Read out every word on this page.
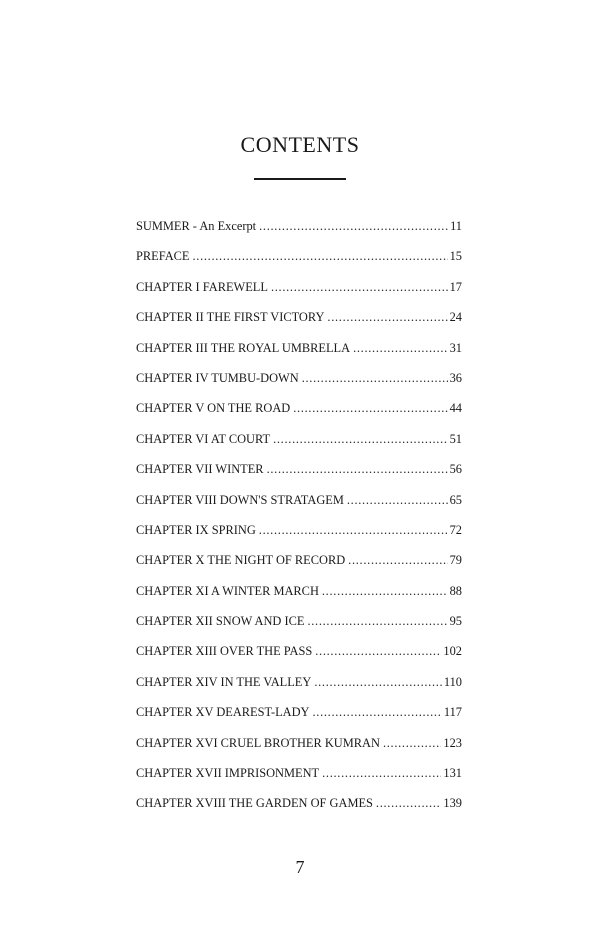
CONTENTS
SUMMER - An Excerpt . . .	11
PREFACE . . .	15
CHAPTER I FAREWELL . . .	17
CHAPTER II THE FIRST VICTORY . . .	24
CHAPTER III THE ROYAL UMBRELLA . . .	31
CHAPTER IV TUMBU-DOWN . . .	36
CHAPTER V ON THE ROAD . . .	44
CHAPTER VI AT COURT . . .	51
CHAPTER VII WINTER . . .	56
CHAPTER VIII DOWN'S STRATAGEM . . .	65
CHAPTER IX SPRING . . .	72
CHAPTER X THE NIGHT OF RECORD . . .	79
CHAPTER XI A WINTER MARCH . . .	88
CHAPTER XII SNOW AND ICE . . .	95
CHAPTER XIII OVER THE PASS . . .	102
CHAPTER XIV IN THE VALLEY . . .	110
CHAPTER XV DEAREST-LADY . . .	117
CHAPTER XVI CRUEL BROTHER KUMRAN . . .	123
CHAPTER XVII IMPRISONMENT . . .	131
CHAPTER XVIII THE GARDEN OF GAMES . . .	139
7
